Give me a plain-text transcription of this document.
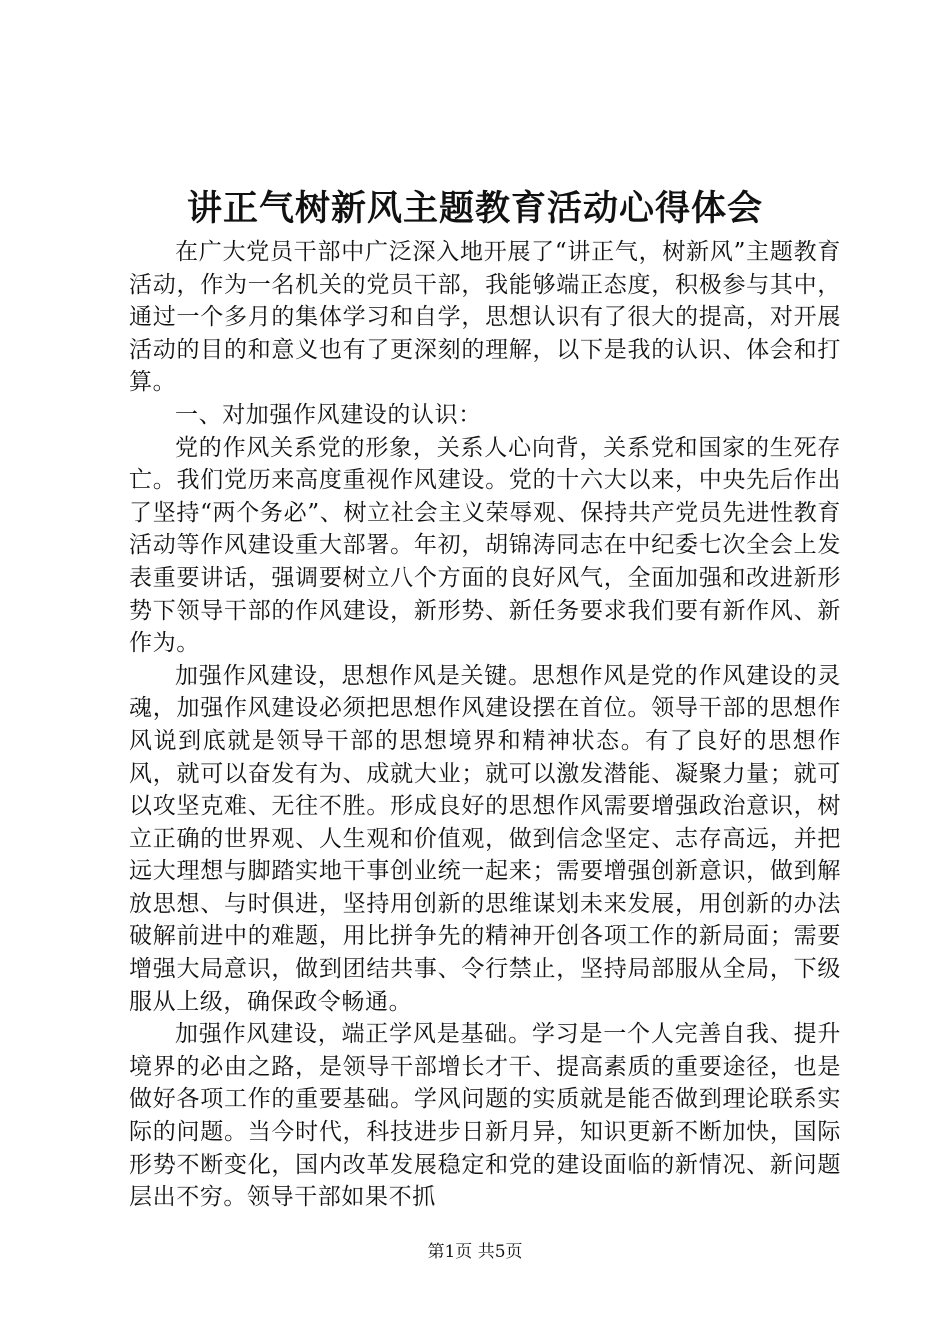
讲正气树新风主题教育活动心得体会

在广大党员干部中广泛深入地开展了“讲正气，树新风”主题教育活动，作为一名机关的党员干部，我能够端正态度，积极参与其中，通过一个多月的集体学习和自学，思想认识有了很大的提高，对开展活动的目的和意义也有了更深刻的理解，以下是我的认识、体会和打算。

一、对加强作风建设的认识：

党的作风关系党的形象，关系人心向背，关系党和国家的生死存亡。我们党历来高度重视作风建设。党的十六大以来，中央先后作出了坚持“两个务必”、树立社会主义荣辱观、保持共产党员先进性教育活动等作风建设重大部署。年初，胡锦涛同志在中纪委七次全会上发表重要讲话，强调要树立八个方面的良好风气，全面加强和改进新形势下领导干部的作风建设，新形势、新任务要求我们要有新作风、新作为。

加强作风建设，思想作风是关键。思想作风是党的作风建设的灵魂，加强作风建设必须把思想作风建设摆在首位。领导干部的思想作风说到底就是领导干部的思想境界和精神状态。有了良好的思想作风，就可以奋发有为、成就大业；就可以激发潜能、凝聚力量；就可以攻坚克难、无往不胜。形成良好的思想作风需要增强政治意识，树立正确的世界观、人生观和价值观，做到信念坚定、志存高远，并把远大理想与脚踏实地干事创业统一起来；需要增强创新意识，做到解放思想、与时俱进，坚持用创新的思维谋划未来发展，用创新的办法破解前进中的难题，用比拼争先的精神开创各项工作的新局面；需要增强大局意识，做到团结共事、令行禁止，坚持局部服从全局，下级服从上级，确保政令畅通。

加强作风建设，端正学风是基础。学习是一个人完善自我、提升境界的必由之路，是领导干部增长才干、提高素质的重要途径，也是做好各项工作的重要基础。学风问题的实质就是能否做到理论联系实际的问题。当今时代，科技进步日新月异，知识更新不断加快，国际形势不断变化，国内改革发展稳定和党的建设面临的新情况、新问题层出不穷。领导干部如果不抓

第1页 共5页
